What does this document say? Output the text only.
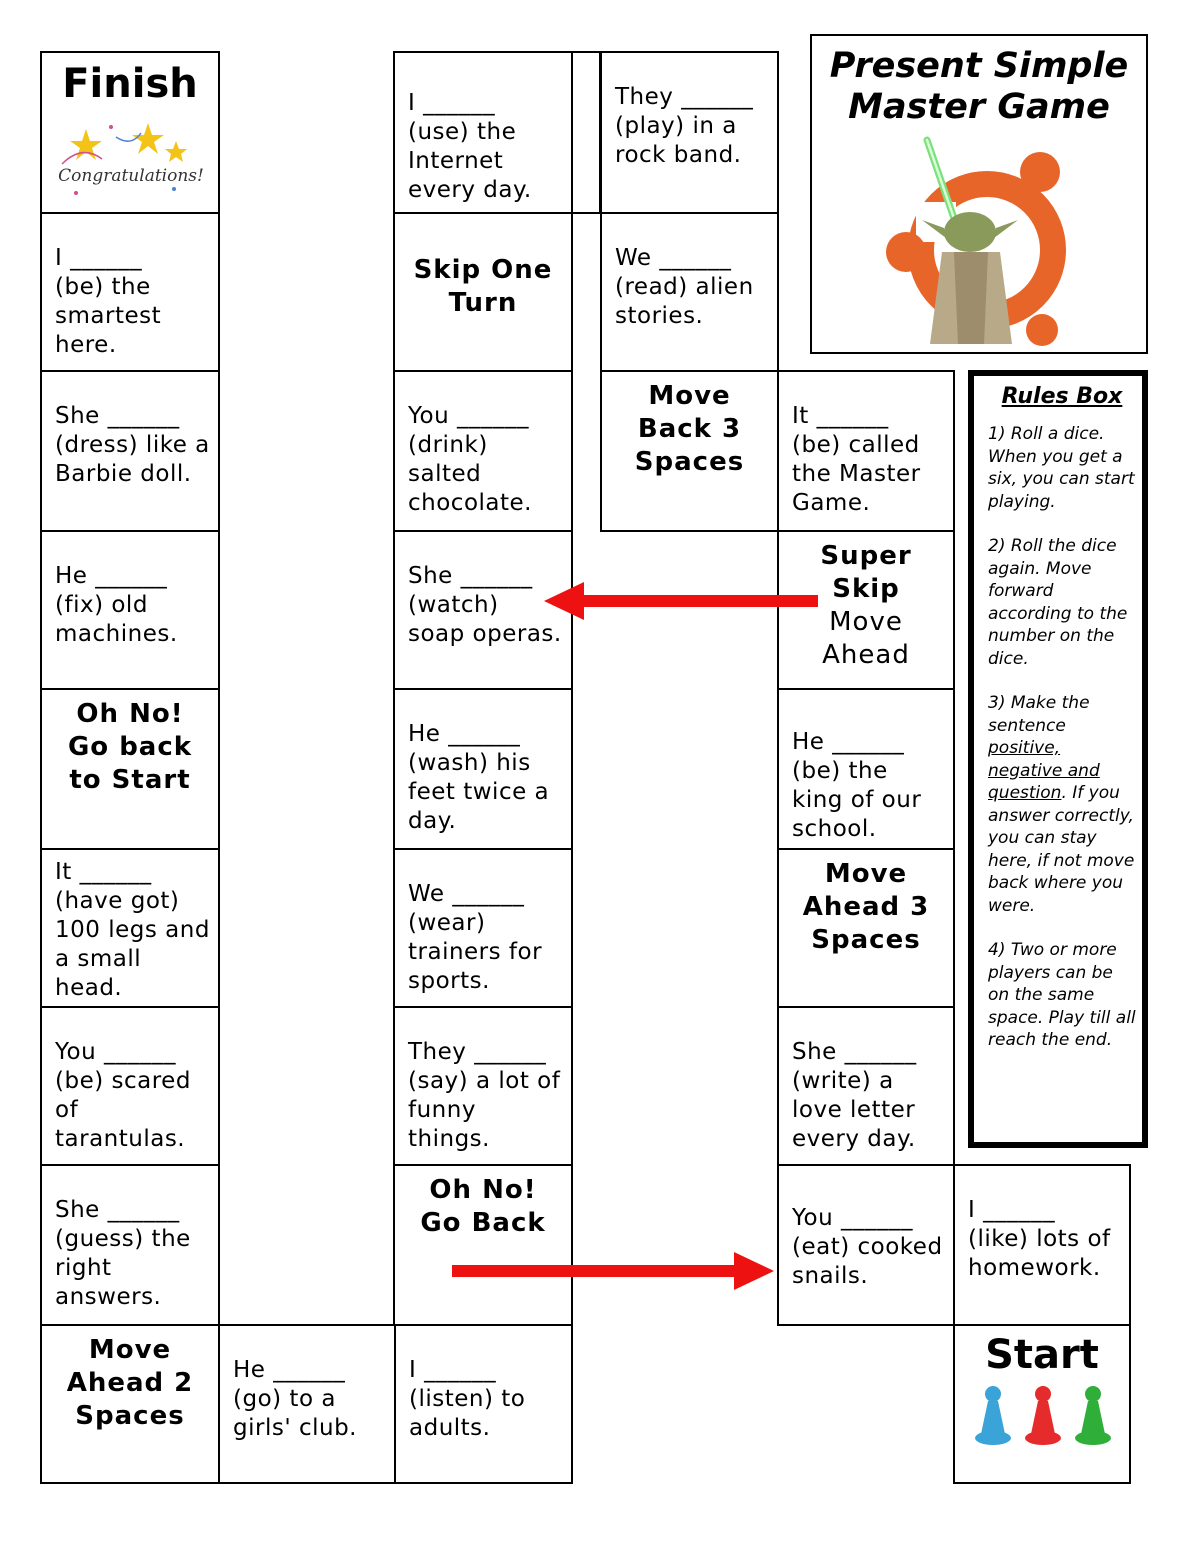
Finish
Congratulations!
I ______
(be) the smartest here.
She ______
(dress) like a Barbie doll.
He ______
(fix) old machines.
Oh No!
Go back
to Start
It ______
(have got) 100 legs and a small head.
You ______
(be) scared of tarantulas.
She ______
(guess) the right answers.
Move
Ahead 2
Spaces
He ______
(go) to a girls' club.
I ______
(use) the Internet every day.
Skip One
Turn
You ______
(drink) salted chocolate.
She ______
(watch) soap operas.
He ______
(wash) his feet twice a day.
We ______
(wear) trainers for sports.
They ______
(say) a lot of funny things.
Oh No!
Go Back
I ______
(listen) to adults.
They ______
(play) in a rock band.
We ______
(read) alien stories.
Move
Back 3
Spaces
It ______
(be) called the Master Game.
Super
Skip
Move
Ahead
He ______
(be) the king of our school.
Move
Ahead 3
Spaces
She ______
(write) a love letter every day.
You ______
(eat) cooked snails.
I ______
(like) lots of homework.
Start
Present Simple Master Game
Rules Box
1) Roll a dice. When you get a six, you can start playing.
2) Roll the dice again. Move forward according to the number on the dice.
3) Make the sentence positive, negative and question. If you answer correctly, you can stay here, if not move back where you were.
4) Two or more players can be on the same space. Play till all reach the end.
